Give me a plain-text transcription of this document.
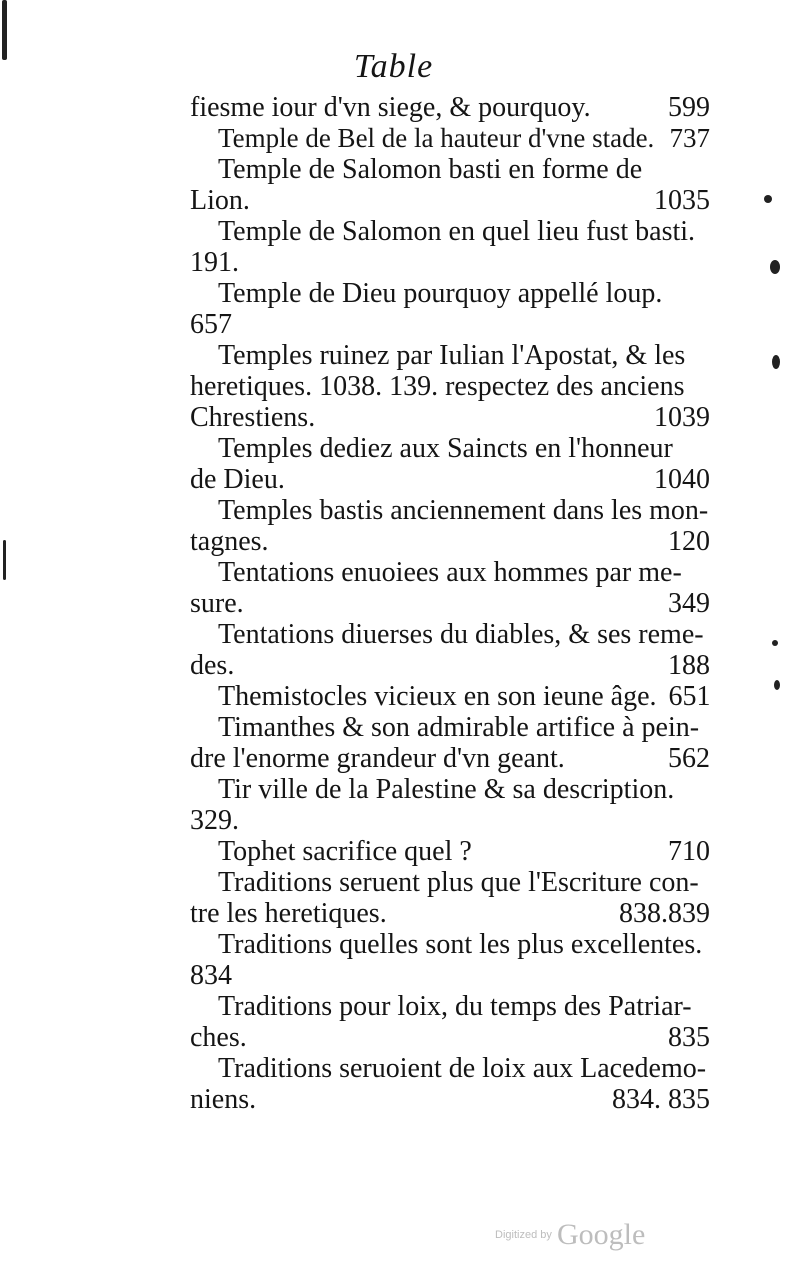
Table
fiesme iour d'vn siege, & pourquoy.	599
Temple de Bel de la hauteur d'vne stade. 737
Temple de Salomon basti en forme de
Lion.	1035
Temple de Salomon en quel lieu fust basti.
191.
Temple de Dieu pourquoy appellé loup.
657
Temples ruinez par Iulian l'Apostat, & les
heretiques. 1038. 139. respectez des anciens
Chrestiens.	1039
Temples dediez aux Saincts en l'honneur
de Dieu.	1040
Temples bastis anciennement dans les mon-
tagnes.	120
Tentations enuoiees aux hommes par me-
sure.	349
Tentations diuerses du diables, & ses reme-
des.	188
Themistocles vicieux en son ieune âge. 651
Timanthes & son admirable artifice à pein-
dre l'enorme grandeur d'vn geant.	562
Tir ville de la Palestine & sa description.
329.
Tophet sacrifice quel ?	710
Traditions seruent plus que l'Escriture con-
tre les heretiques.	838.839
Traditions quelles sont les plus excellentes.
834
Traditions pour loix, du temps des Patriar-
ches.	835
Traditions seruoient de loix aux Lacedemo-
niens.	834. 835
Digitized by Google
